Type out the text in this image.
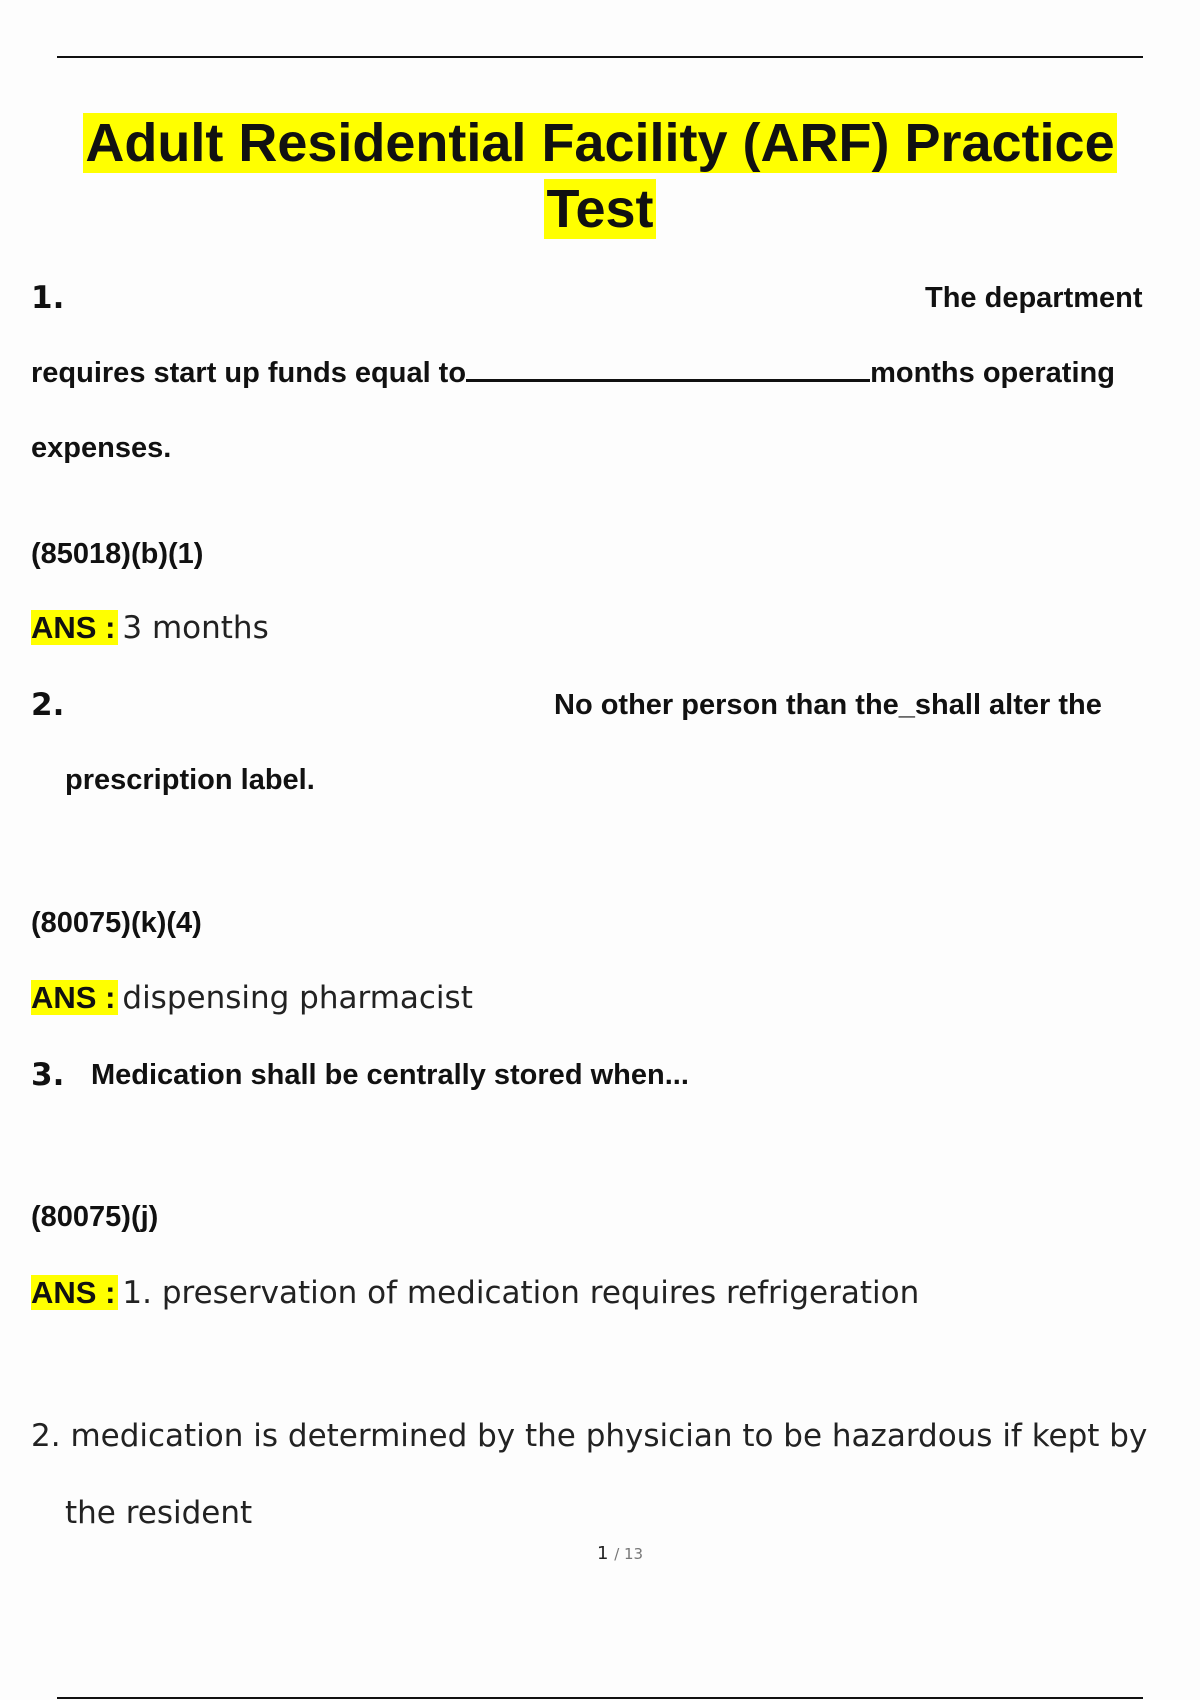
Adult Residential Facility (ARF) Practice
Test
1.	The department
requires start up funds equal to	months operating
expenses.
(85018)(b)(1)
ANS : 3 months
2.	No other person than the_shall alter the
prescription label.
(80075)(k)(4)
ANS : dispensing pharmacist
3. Medication shall be centrally stored when...
(80075)(j)
ANS : 1. preservation of medication requires refrigeration
2. medication is determined by the physician to be hazardous if kept by
the resident
1 / 13
